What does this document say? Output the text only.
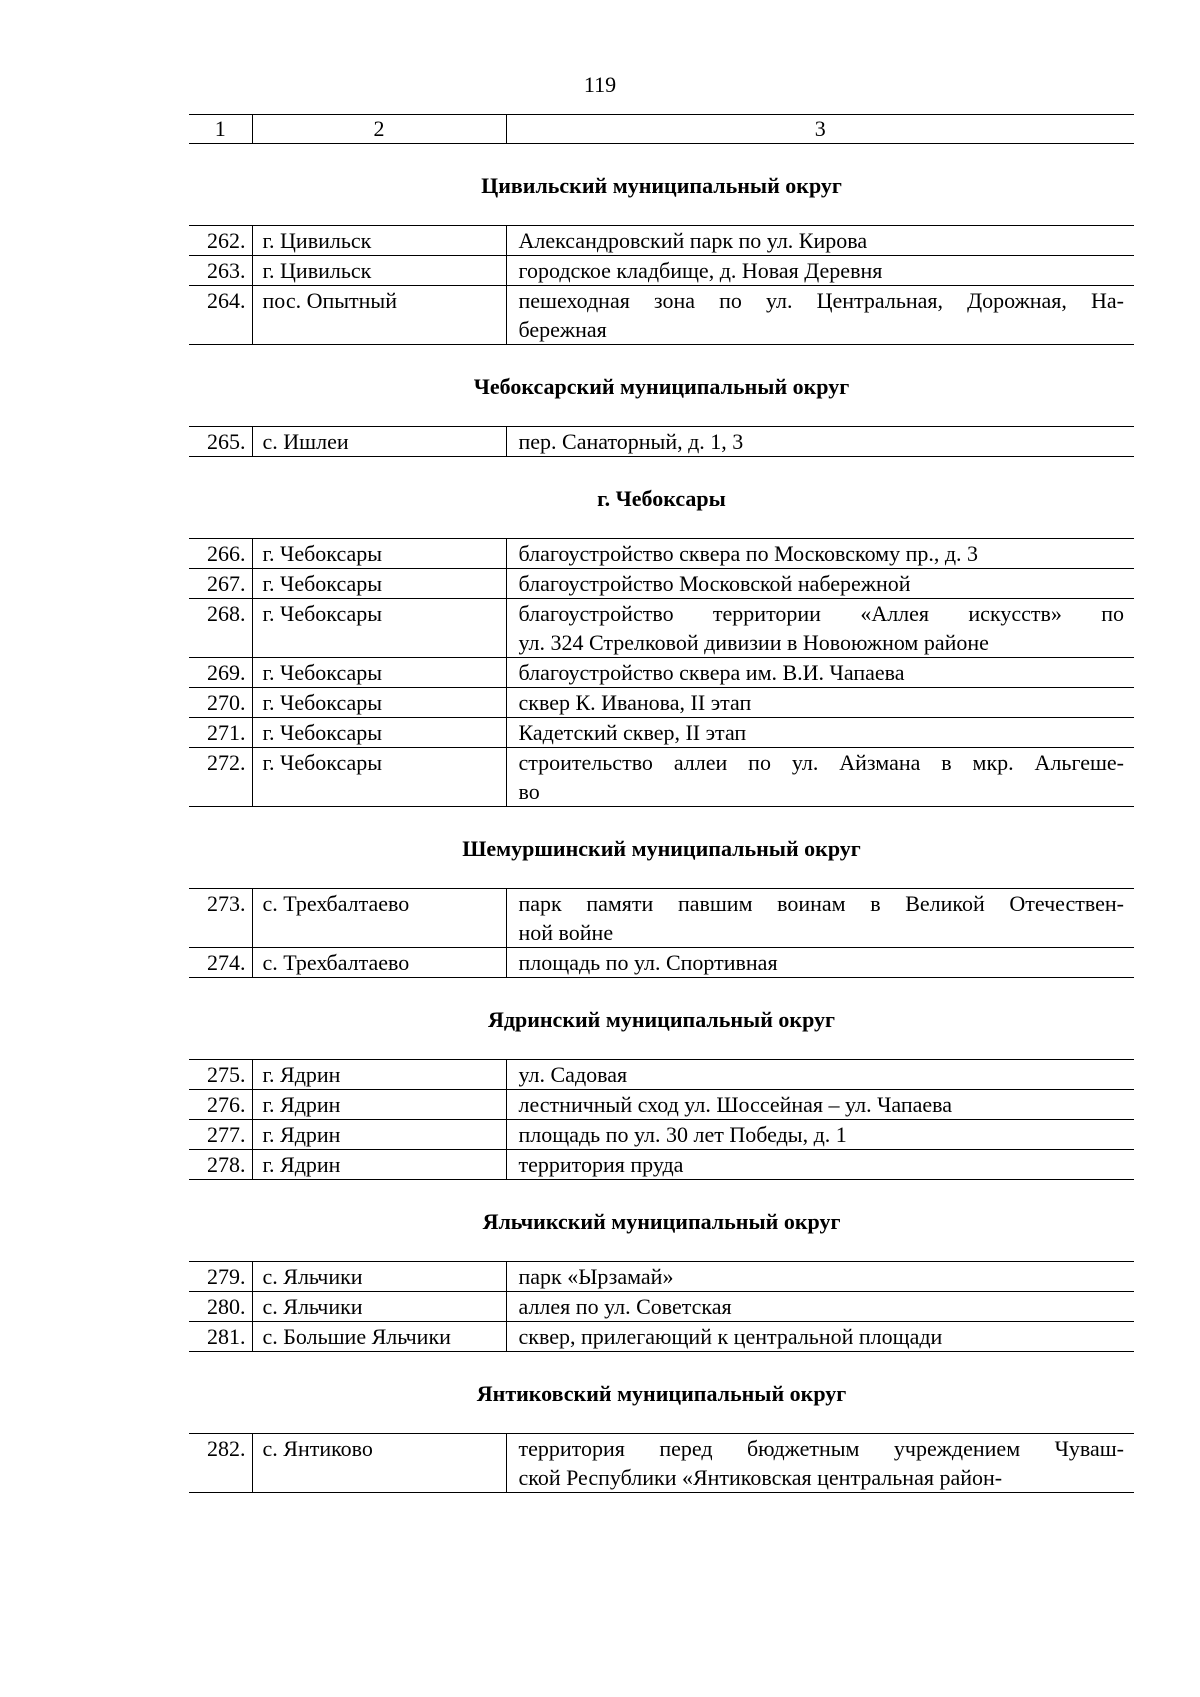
119
1	2	3
Цивильский муниципальный округ
262.	г. Цивильск	Александровский парк по ул. Кирова

263.	г. Цивильск	городское кладбище, д. Новая Деревня

264.	пос. Опытный	пешеходная зона по ул. Центральная, Дорожная, На-
бережная
Чебоксарский муниципальный округ
265.	с. Ишлеи	пер. Санаторный, д. 1, 3
г. Чебоксары
266.	г. Чебоксары	благоустройство сквера по Московскому пр., д. 3

267.	г. Чебоксары	благоустройство Московской набережной

268.	г. Чебоксары	благоустройство территории «Аллея искусств» по
ул. 324 Стрелковой дивизии в Новоюжном районе

269.	г. Чебоксары	благоустройство сквера им. В.И. Чапаева

270.	г. Чебоксары	сквер К. Иванова, II этап

271.	г. Чебоксары	Кадетский сквер, II этап

272.	г. Чебоксары	строительство аллеи по ул. Айзмана в мкр. Альгеше-
во
Шемуршинский муниципальный округ
273.	с. Трехбалтаево	парк памяти павшим воинам в Великой Отечествен-
ной войне

274.	с. Трехбалтаево	площадь по ул. Спортивная
Ядринский муниципальный округ
275.	г. Ядрин	ул. Садовая

276.	г. Ядрин	лестничный сход ул. Шоссейная – ул. Чапаева

277.	г. Ядрин	площадь по ул. 30 лет Победы, д. 1

278.	г. Ядрин	территория пруда
Яльчикский муниципальный округ
279.	с. Яльчики	парк «Ырзамай»

280.	с. Яльчики	аллея по ул. Советская

281.	с. Большие Яльчики	сквер, прилегающий к центральной площади
Янтиковский муниципальный округ
282.	с. Янтиково	территория перед бюджетным учреждением Чуваш-
ской Республики «Янтиковская центральная район-
